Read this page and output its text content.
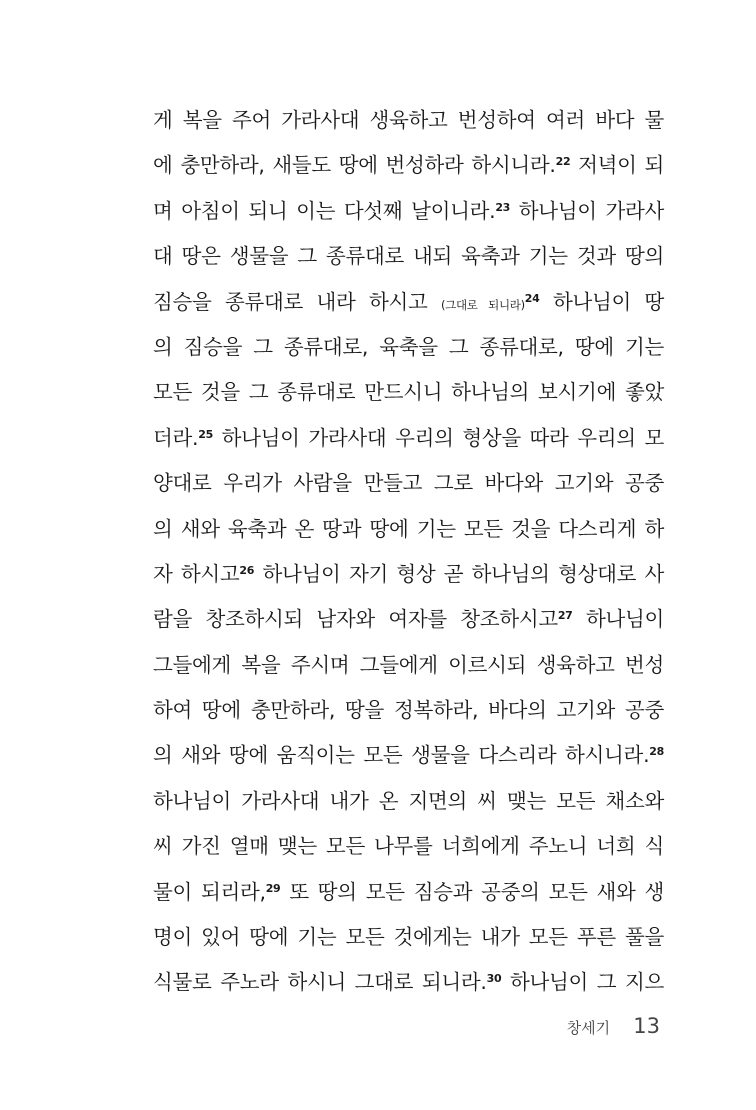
게 복을 주어 가라사대 생육하고 번성하여 여러 바다 물
에 충만하라, 새들도 땅에 번성하라 하시니라.$^{22}$ 저녁이 되
며 아침이 되니 이는 다섯째 날이니라.$^{23}$ 하나님이 가라사
대 땅은 생물을 그 종류대로 내되 육축과 기는 것과 땅의
짐승을 종류대로 내라 하시고 (그대로 되니라)$^{24}$ 하나님이 땅
의 짐승을 그 종류대로, 육축을 그 종류대로, 땅에 기는
모든 것을 그 종류대로 만드시니 하나님의 보시기에 좋았
더라.$^{25}$ 하나님이 가라사대 우리의 형상을 따라 우리의 모
양대로 우리가 사람을 만들고 그로 바다와 고기와 공중
의 새와 육축과 온 땅과 땅에 기는 모든 것을 다스리게 하
자 하시고$^{26}$ 하나님이 자기 형상 곧 하나님의 형상대로 사
람을 창조하시되 남자와 여자를 창조하시고$^{27}$ 하나님이
그들에게 복을 주시며 그들에게 이르시되 생육하고 번성
하여 땅에 충만하라, 땅을 정복하라, 바다의 고기와 공중
의 새와 땅에 움직이는 모든 생물을 다스리라 하시니라.$^{28}$
하나님이 가라사대 내가 온 지면의 씨 맺는 모든 채소와
씨 가진 열매 맺는 모든 나무를 너희에게 주노니 너희 식
물이 되리라,$^{29}$ 또 땅의 모든 짐승과 공중의 모든 새와 생
명이 있어 땅에 기는 모든 것에게는 내가 모든 푸른 풀을
식물로 주노라 하시니 그대로 되니라.$^{30}$ 하나님이 그 지으
창세기 13
